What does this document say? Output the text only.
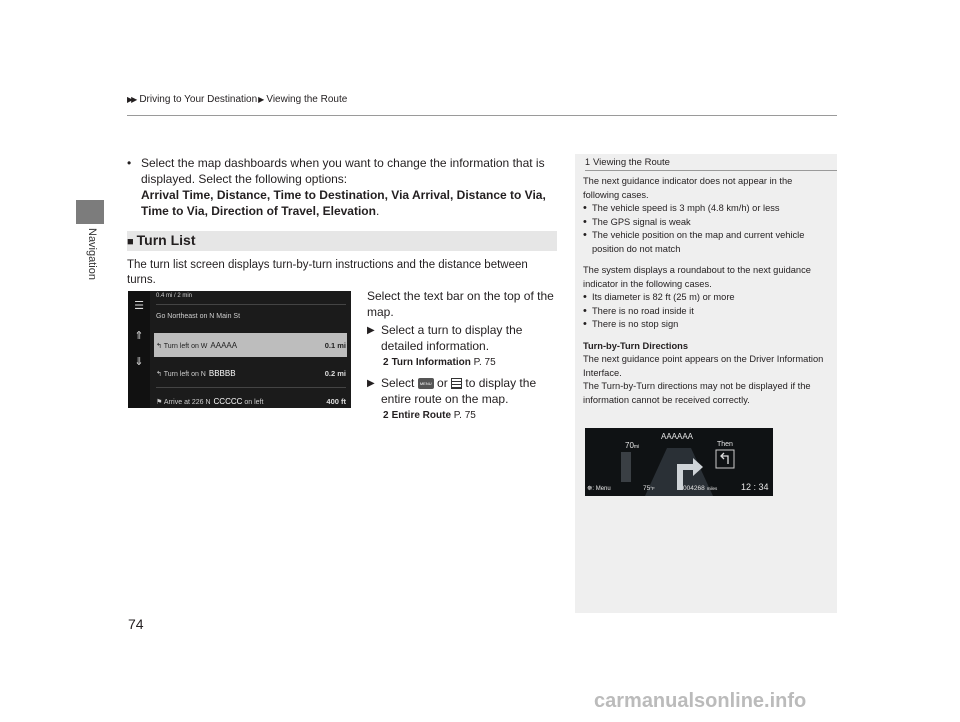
Navigation
▶▶ Driving to Your Destination▶ Viewing the Route
• Select the map dashboards when you want to change the information that is displayed. Select the following options:
Arrival Time, Distance, Time to Destination, Via Arrival, Distance to Via, Time to Via, Direction of Travel, Elevation.
■ Turn List
The turn list screen displays turn-by-turn instructions and the distance between turns.
☰
⇑
⇓
0.4 mi / 2 min
Go Northeast on N Main St
↰ Turn left on W AAAAA	0.1 mi
↰ Turn left on N BBBBB	0.2 mi
⚑ Arrive at 226 N CCCCC on left	400 ft
Select the text bar on the top of the map.
▶ Select a turn to display the detailed information.
2 Turn Information P. 75
▶ Select MENU or to display the entire route on the map.
2 Entire Route P. 75
1 Viewing the Route

The next guidance indicator does not appear in the following cases.

• The vehicle speed is 3 mph (4.8 km/h) or less

• The GPS signal is weak

• The vehicle position on the map and current vehicle position do not match

The system displays a roundabout to the next guidance indicator in the following cases.

• Its diameter is 82 ft (25 m) or more

• There is no road inside it

• There is no stop sign

Turn-by-Turn Directions

The next guidance point appears on the Driver Information Interface.

The Turn-by-Turn directions may not be displayed if the information cannot be received correctly.

AAAAAA
70mi	Then
☸: Menu	75°F	004268 miles	12 : 34
74
carmanualsonline.info
